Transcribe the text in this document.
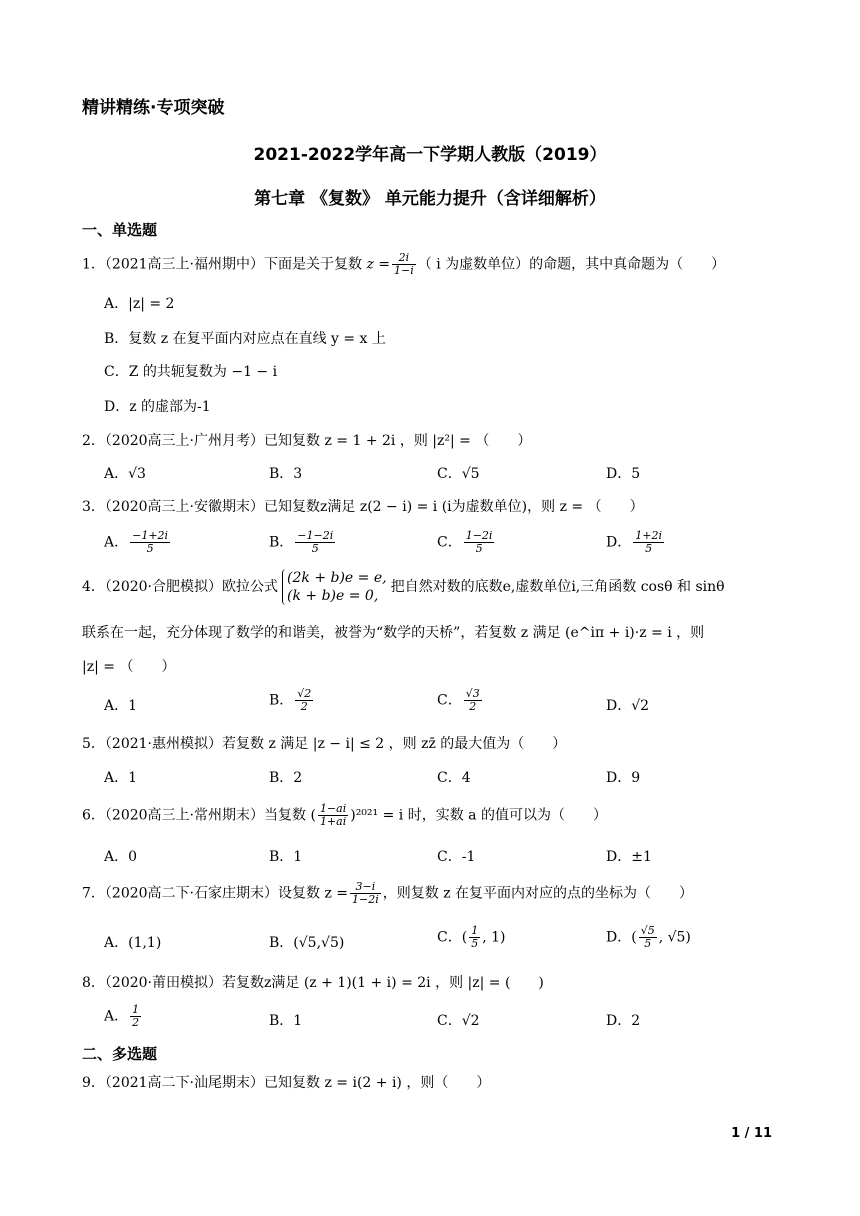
精讲精练·专项突破
2021-2022学年高一下学期人教版（2019）
第七章 《复数》 单元能力提升（含详细解析）
一、单选题
1．（2021高三上·福州期中）下面是关于复数 $z = \frac{2i}{1-i}$ （ i 为虚数单位）的命题，其中真命题为（　　）
A．|z| = 2
B．复数 z 在复平面内对应点在直线 y = x 上
C．Z 的共轭复数为 −1 − i
D．z 的虚部为-1
2．（2020高三上·广州月考）已知复数 z = 1 + 2i ，则 |z²| = （　　）
A．√3	B．3	C．√5	D．5
3．（2020高三上·安徽期末）已知复数z满足 z(2 − i) = i (i为虚数单位)，则 z = （　　）
A． $\frac{-1+2i}{5}$	B． $\frac{-1-2i}{5}$	C． $\frac{1-2i}{5}$	D． $\frac{1+2i}{5}$
4．（2020·合肥模拟）欧拉公式
(2k + b)e = e,
(k + b)e = 0,
把自然对数的底数e,虚数单位i,三角函数 cosθ 和 sinθ
联系在一起，充分体现了数学的和谐美，被誉为“数学的天桥”，若复数 z 满足 (e^iπ + i)·z = i ，则
|z| = （　　）
A．1	B． $\frac{√2}{2}$	C． $\frac{√3}{2}$	D．√2
5．（2021·惠州模拟）若复数 z 满足 |z − i| ≤ 2 ，则 zz̄ 的最大值为（　　）
A．1	B．2	C．4	D．9
6．（2020高三上·常州期末）当复数 ( $\frac{1-ai}{1+ai} )^{2021} = i$ 时，实数 a 的值可以为（　　）
A．0	B．1	C．-1	D．±1
7．（2020高二下·石家庄期末）设复数 $z = \frac{3-i}{1-2i}$ ，则复数 z 在复平面内对应的点的坐标为（　　）
A．(1,1)	B．(√5,√5)	C．( $\frac{1}{5}$ , 1)	D．( $\frac{√5}{5}$ , √5)
8．（2020·莆田模拟）若复数z满足 (z + 1)(1 + i) = 2i ，则 |z| = (　　)
A． $\frac{1}{2}$	B．1	C．√2	D．2
二、多选题
9．（2021高二下·汕尾期末）已知复数 z = i(2 + i) ，则（　　）
1 / 11
